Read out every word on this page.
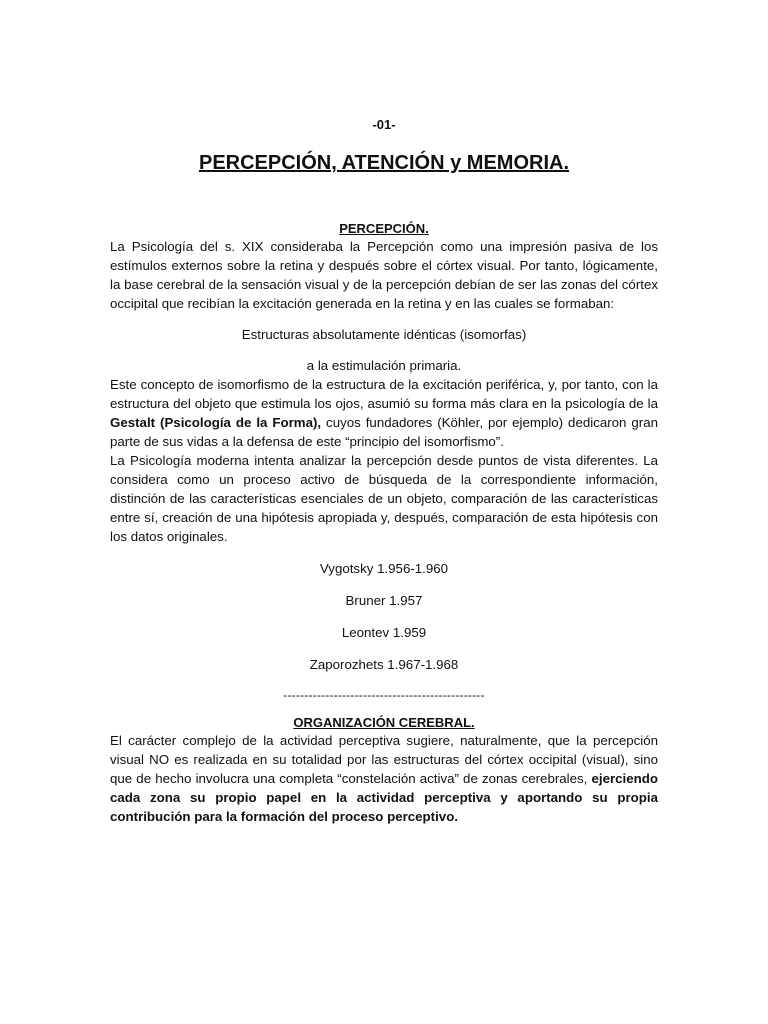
-01-

PERCEPCIÓN, ATENCIÓN y MEMORIA.
PERCEPCIÓN.

La Psicología del s. XIX consideraba la Percepción como una impresión pasiva de los estímulos externos sobre la retina y después sobre el córtex visual. Por tanto, lógicamente, la base cerebral de la sensación visual y de la percepción debían de ser las zonas del córtex occipital que recibían la excitación generada en la retina y en las cuales se formaban:

Estructuras absolutamente idénticas (isomorfas)

a la estimulación primaria.

Este concepto de isomorfismo de la estructura de la excitación periférica, y, por tanto, con la estructura del objeto que estimula los ojos, asumió su forma más clara en la psicología de la Gestalt (Psicología de la Forma), cuyos fundadores (Köhler, por ejemplo) dedicaron gran parte de sus vidas a la defensa de este “principio del isomorfismo”.

La Psicología moderna intenta analizar la percepción desde puntos de vista diferentes. La considera como un proceso activo de búsqueda de la correspondiente información, distinción de las características esenciales de un objeto, comparación de las características entre sí, creación de una hipótesis apropiada y, después, comparación de esta hipótesis con los datos originales.

Vygotsky 1.956-1.960

Bruner 1.957

Leontev 1.959

Zaporozhets 1.967-1.968

------------------------------------------------

ORGANIZACIÓN CEREBRAL.

El carácter complejo de la actividad perceptiva sugiere, naturalmente, que la percepción visual NO es realizada en su totalidad por las estructuras del córtex occipital (visual), sino que de hecho involucra una completa “constelación activa” de zonas cerebrales, ejerciendo cada zona su propio papel en la actividad perceptiva y aportando su propia contribución para la formación del proceso perceptivo.
